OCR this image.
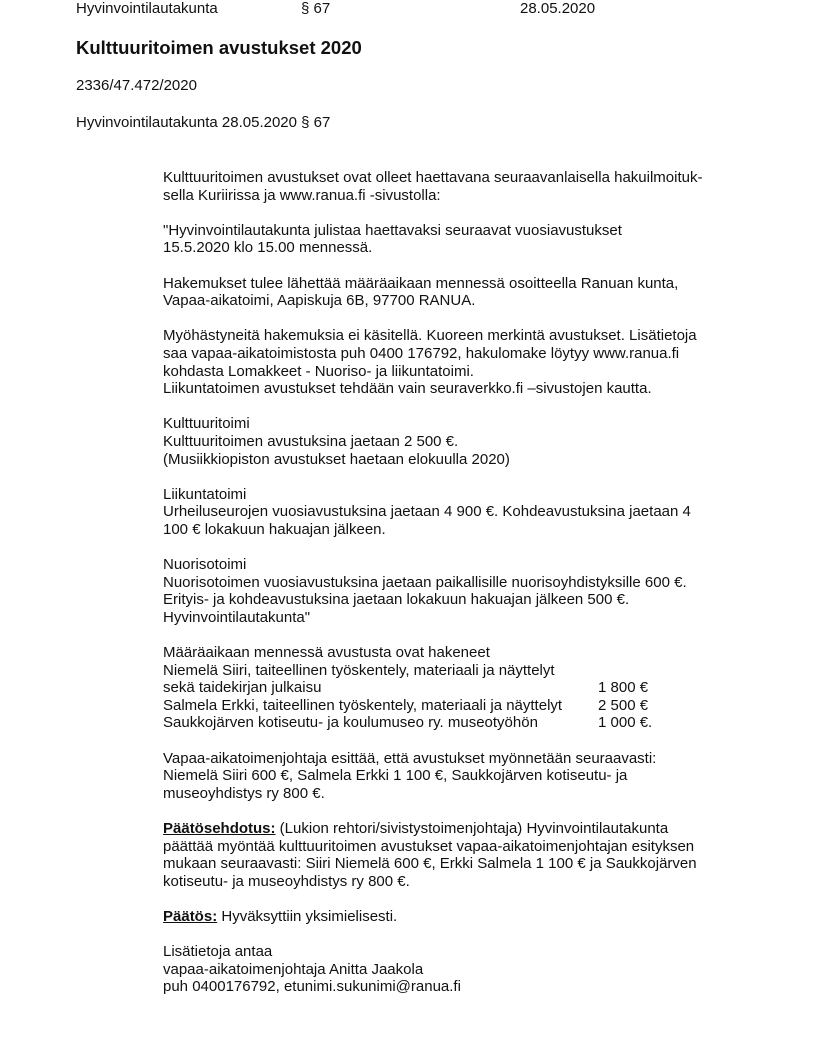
Hyvinvointilautakunta	§ 67	28.05.2020
Kulttuuritoimen avustukset 2020
2336/47.472/2020
Hyvinvointilautakunta 28.05.2020 § 67
Kulttuuritoimen avustukset ovat olleet haettavana seuraavanlaisella hakuilmoituk-
sella Kuriirissa ja www.ranua.fi -sivustolla:
"Hyvinvointilautakunta julistaa haettavaksi seuraavat vuosiavustukset
15.5.2020 klo 15.00 mennessä.
Hakemukset tulee lähettää määräaikaan mennessä osoitteella Ranuan kunta,
Vapaa-aikatoimi, Aapiskuja 6B, 97700 RANUA.
Myöhästyneitä hakemuksia ei käsitellä. Kuoreen merkintä avustukset. Lisätietoja
saa vapaa-aikatoimistosta puh 0400 176792, hakulomake löytyy www.ranua.fi
kohdasta Lomakkeet - Nuoriso- ja liikuntatoimi.
Liikuntatoimen avustukset tehdään vain seuraverkko.fi –sivustojen kautta.
Kulttuuritoimi
Kulttuuritoimen avustuksina jaetaan 2 500 €.
(Musiikkiopiston avustukset haetaan elokuulla 2020)
Liikuntatoimi
Urheiluseurojen vuosiavustuksina jaetaan 4 900 €. Kohdeavustuksina jaetaan 4
100 € lokakuun hakuajan jälkeen.
Nuorisotoimi
Nuorisotoimen vuosiavustuksina jaetaan paikallisille nuorisoyhdistyksille 600 €.
Erityis- ja kohdeavustuksina jaetaan lokakuun hakuajan jälkeen 500 €.
Hyvinvointilautakunta"
Määräaikaan mennessä avustusta ovat hakeneet
Niemelä Siiri, taiteellinen työskentely, materiaali ja näyttelyt
sekä taidekirjan julkaisu	1 800 €
Salmela Erkki, taiteellinen työskentely, materiaali ja näyttelyt	2 500 €
Saukkojärven kotiseutu- ja koulumuseo ry. museotyöhön	1 000 €.
Vapaa-aikatoimenjohtaja esittää, että avustukset myönnetään seuraavasti:
Niemelä Siiri 600 €, Salmela Erkki 1 100 €, Saukkojärven kotiseutu- ja
museoyhdistys ry 800 €.
Päätösehdotus: (Lukion rehtori/sivistystoimenjohtaja) Hyvinvointilautakunta
päättää myöntää kulttuuritoimen avustukset vapaa-aikatoimenjohtajan esityksen
mukaan seuraavasti: Siiri Niemelä 600 €, Erkki Salmela 1 100 € ja Saukkojärven
kotiseutu- ja museoyhdistys ry 800 €.
Päätös: Hyväksyttiin yksimielisesti.
Lisätietoja antaa
vapaa-aikatoimenjohtaja Anitta Jaakola
puh 0400176792, etunimi.sukunimi@ranua.fi
